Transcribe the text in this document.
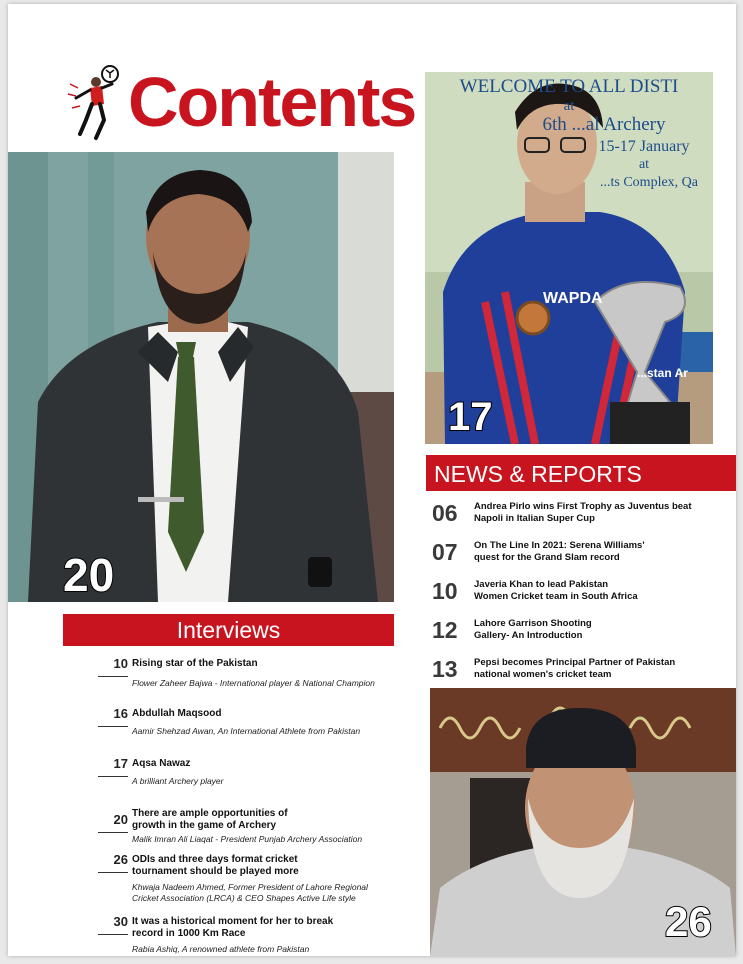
Contents
20
WELCOME TO ALL DISTI
at
6th ...al Archery
15-17 January
at
...ts Complex, Qa
WAPDA
...stan Ar
17
26
Interviews
10 Rising star of the Pakistan
Flower Zaheer Bajwa - International player & National Champion
16 Abdullah Maqsood
Aamir Shehzad Awan, An International Athlete from Pakistan
17 Aqsa Nawaz
A brilliant Archery player
20 There are ample opportunities of growth in the game of Archery
Malik Imran Ali Liaqat - President Punjab Archery Association
26 ODIs and three days format cricket tournament should be played more
Khwaja Nadeem Ahmed, Former President of Lahore Regional Cricket Association (LRCA) & CEO Shapes Active Life style
30 It was a historical moment for her to break record in 1000 Km Race
Rabia Ashiq, A renowned athlete from Pakistan
NEWS & REPORTS
06 Andrea Pirlo wins First Trophy as Juventus beat Napoli in Italian Super Cup
07 On The Line In 2021: Serena Williams' quest for the Grand Slam record
10 Javeria Khan to lead Pakistan Women Cricket team in South Africa
12 Lahore Garrison Shooting Gallery- An Introduction
13 Pepsi becomes Principal Partner of Pakistan national women's cricket team
